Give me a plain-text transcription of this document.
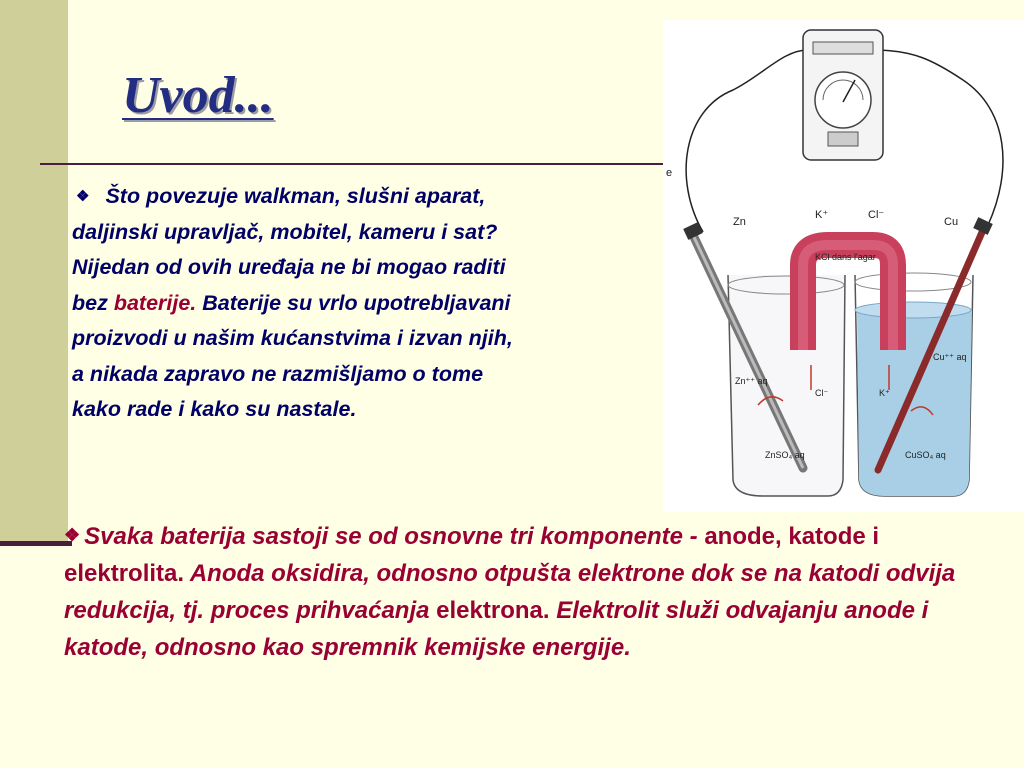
Uvod...

❖ Što povezuje walkman, slušni aparat,
daljinski upravljač, mobitel, kameru i sat?
Nijedan od ovih uređaja ne bi mogao raditi
bez baterije. Baterije su vrlo upotrebljavani
proizvodi u našim kućanstvima i izvan njih,
a nikada zapravo ne razmišljamo o tome
kako rade i kako su nastale.

e
Zn
K⁺	Cl⁻
Cu
KCl dans l'agar
Zn⁺⁺ aq
Cl⁻	K⁺
Cu⁺⁺ aq
ZnSO₄ aq	CuSO₄ aq

❖ Svaka baterija sastoji se od osnovne tri komponente - anode, katode i elektrolita. Anoda oksidira, odnosno otpušta elektrone dok se na katodi odvija redukcija, tj. proces prihvaćanja elektrona. Elektrolit služi odvajanju anode i katode, odnosno kao spremnik kemijske energije.
